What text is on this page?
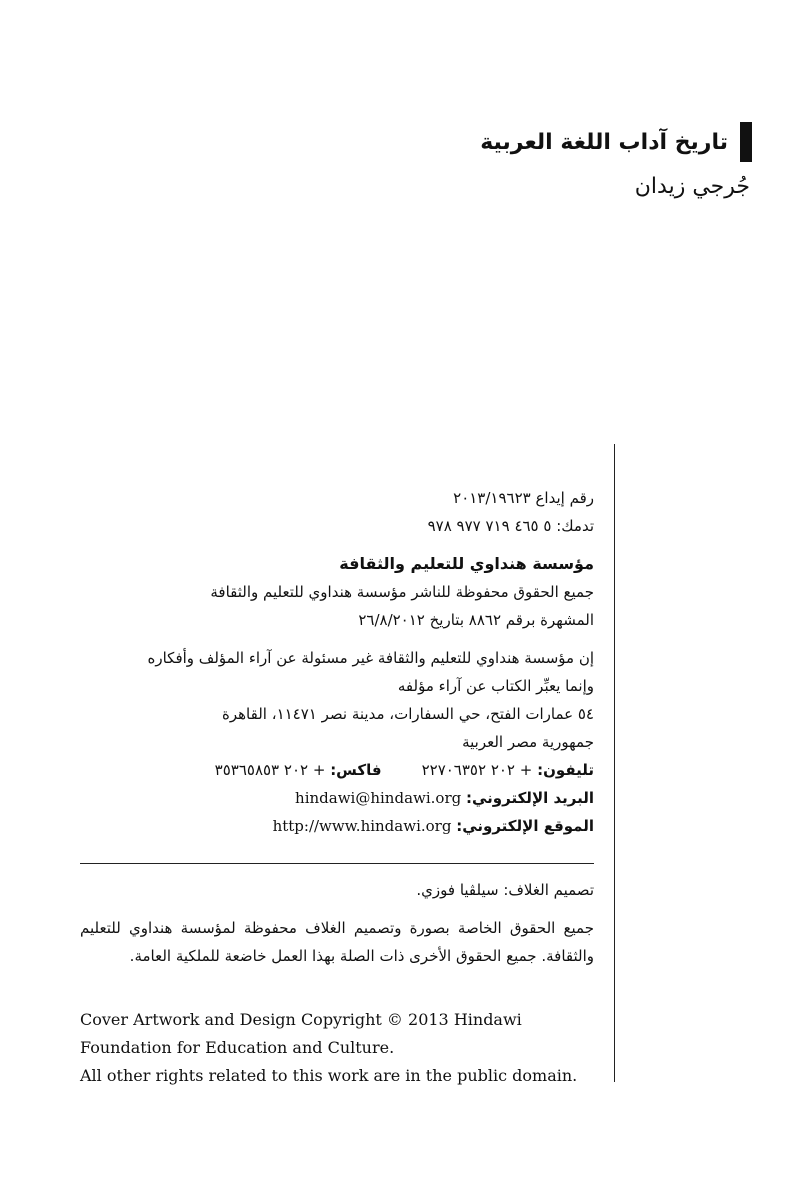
تاريخ آداب اللغة العربية
جُرجي زيدان
رقم إيداع ٢٠١٣/١٩٦٢٣
تدمك: ٥ ٤٦٥ ٧١٩ ٩٧٧ ٩٧٨
مؤسسة هنداوي للتعليم والثقافة
جميع الحقوق محفوظة للناشر مؤسسة هنداوي للتعليم والثقافة
المشهرة برقم ٨٨٦٢ بتاريخ ٢٦/٨/٢٠١٢
إن مؤسسة هنداوي للتعليم والثقافة غير مسئولة عن آراء المؤلف وأفكاره
وإنما يعبِّر الكتاب عن آراء مؤلفه
٥٤ عمارات الفتح، حي السفارات، مدينة نصر ١١٤٧١، القاهرة
جمهورية مصر العربية
تليفون: + ٢٠٢ ٢٢٧٠٦٣٥٢
فاكس: + ٢٠٢ ٣٥٣٦٥٨٥٣
البريد الإلكتروني: hindawi@hindawi.org
الموقع الإلكتروني: http://www.hindawi.org
تصميم الغلاف: سيلڤيا فوزي.
جميع الحقوق الخاصة بصورة وتصميم الغلاف محفوظة لمؤسسة هنداوي للتعليم والثقافة. جميع الحقوق الأخرى ذات الصلة بهذا العمل خاضعة للملكية العامة.
Cover Artwork and Design Copyright © 2013 Hindawi
Foundation for Education and Culture.
All other rights related to this work are in the public domain.
